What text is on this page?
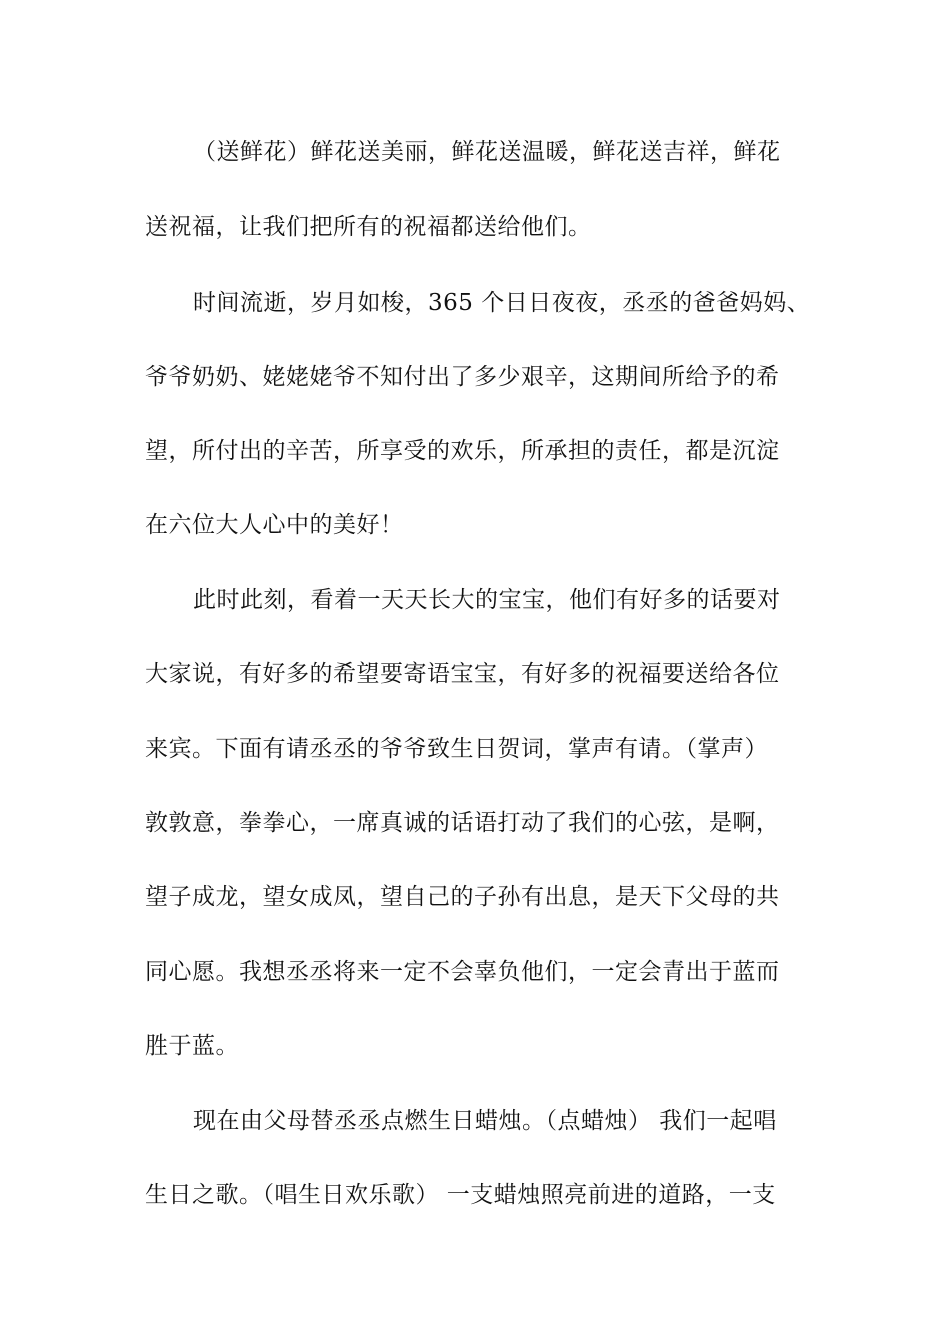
（送鲜花）鲜花送美丽，鲜花送温暖，鲜花送吉祥，鲜花
送祝福，让我们把所有的祝福都送给他们。
时间流逝，岁月如梭，365 个日日夜夜，丞丞的爸爸妈妈、
爷爷奶奶、姥姥姥爷不知付出了多少艰辛，这期间所给予的希
望，所付出的辛苦，所享受的欢乐，所承担的责任，都是沉淀
在六位大人心中的美好！
此时此刻，看着一天天长大的宝宝，他们有好多的话要对
大家说，有好多的希望要寄语宝宝，有好多的祝福要送给各位
来宾。下面有请丞丞的爷爷致生日贺词，掌声有请。（掌声）
敦敦意，拳拳心，一席真诚的话语打动了我们的心弦，是啊，
望子成龙，望女成凤，望自己的子孙有出息，是天下父母的共
同心愿。我想丞丞将来一定不会辜负他们，一定会青出于蓝而
胜于蓝。
现在由父母替丞丞点燃生日蜡烛。（点蜡烛） 我们一起唱
生日之歌。（唱生日欢乐歌） 一支蜡烛照亮前进的道路，一支
